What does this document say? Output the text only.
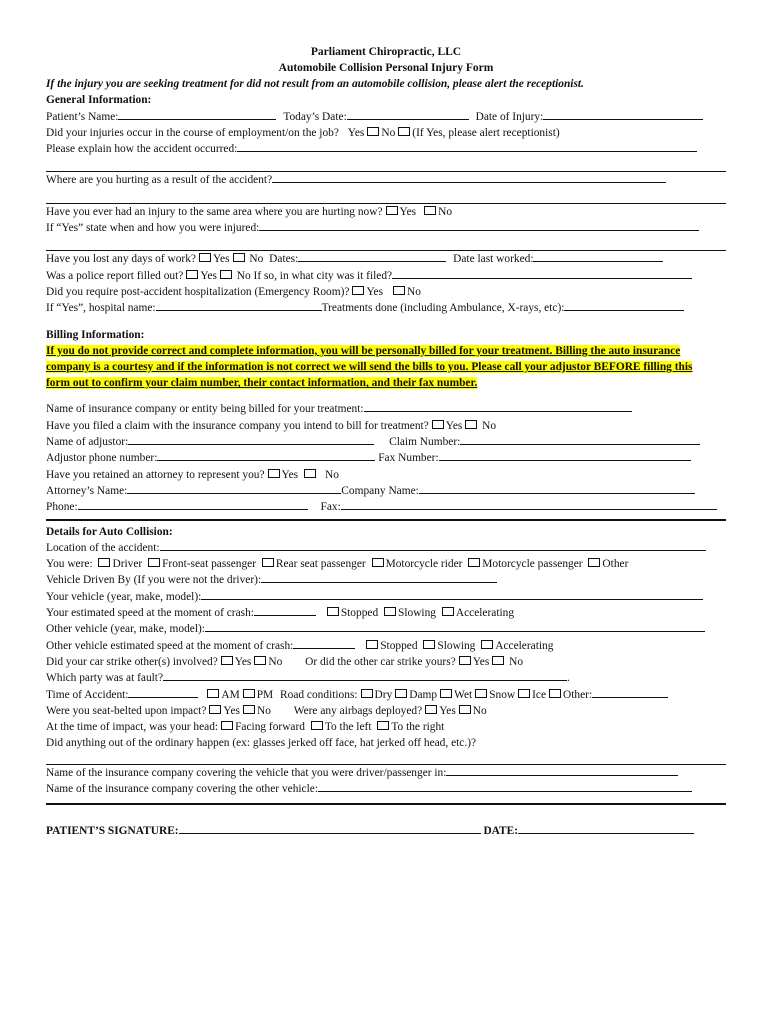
Parliament Chiropractic, LLC
Automobile Collision Personal Injury Form
If the injury you are seeking treatment for did not result from an automobile collision, please alert the receptionist.
General Information:
Patient’s Name:	Today’s Date:	Date of Injury:
Did your injuries occur in the course of employment/on the job? Yes No (If Yes, please alert receptionist)
Please explain how the accident occurred:
Where are you hurting as a result of the accident?
Have you ever had an injury to the same area where you are hurting now? Yes No
If “Yes” state when and how you were injured:
Have you lost any days of work? Yes No Dates:	Date last worked:
Was a police report filled out? Yes No If so, in what city was it filed?
Did you require post-accident hospitalization (Emergency Room)? Yes No
If “Yes”, hospital name:	Treatments done (including Ambulance, X-rays, etc):
Billing Information:
If you do not provide correct and complete information, you will be personally billed for your treatment. Billing the auto insurance company is a courtesy and if the information is not correct we will send the bills to you. Please call your adjustor BEFORE filling this form out to confirm your claim number, their contact information, and their fax number.
Name of insurance company or entity being billed for your treatment:
Have you filed a claim with the insurance company you intend to bill for treatment? Yes No
Name of adjustor:	Claim Number:
Adjustor phone number:	Fax Number:
Have you retained an attorney to represent you? Yes No
Attorney’s Name:	Company Name:
Phone:	Fax:
Details for Auto Collision:
Location of the accident:
You were: Driver Front-seat passenger Rear seat passenger Motorcycle rider Motorcycle passenger Other
Vehicle Driven By (If you were not the driver):
Your vehicle (year, make, model):
Your estimated speed at the moment of crash:	Stopped Slowing Accelerating
Other vehicle (year, make, model):
Other vehicle estimated speed at the moment of crash:	Stopped Slowing Accelerating
Did your car strike other(s) involved? Yes No Or did the other car strike yours? Yes No
Which party was at fault?	.
Time of Accident:	AM PM Road conditions: Dry Damp Wet Snow Ice Other:
Were you seat-belted upon impact? Yes No Were any airbags deployed? Yes No
At the time of impact, was your head: Facing forward To the left To the right
Did anything out of the ordinary happen (ex: glasses jerked off face, hat jerked off head, etc.)?
Name of the insurance company covering the vehicle that you were driver/passenger in:
Name of the insurance company covering the other vehicle:
PATIENT’S SIGNATURE:	DATE:
